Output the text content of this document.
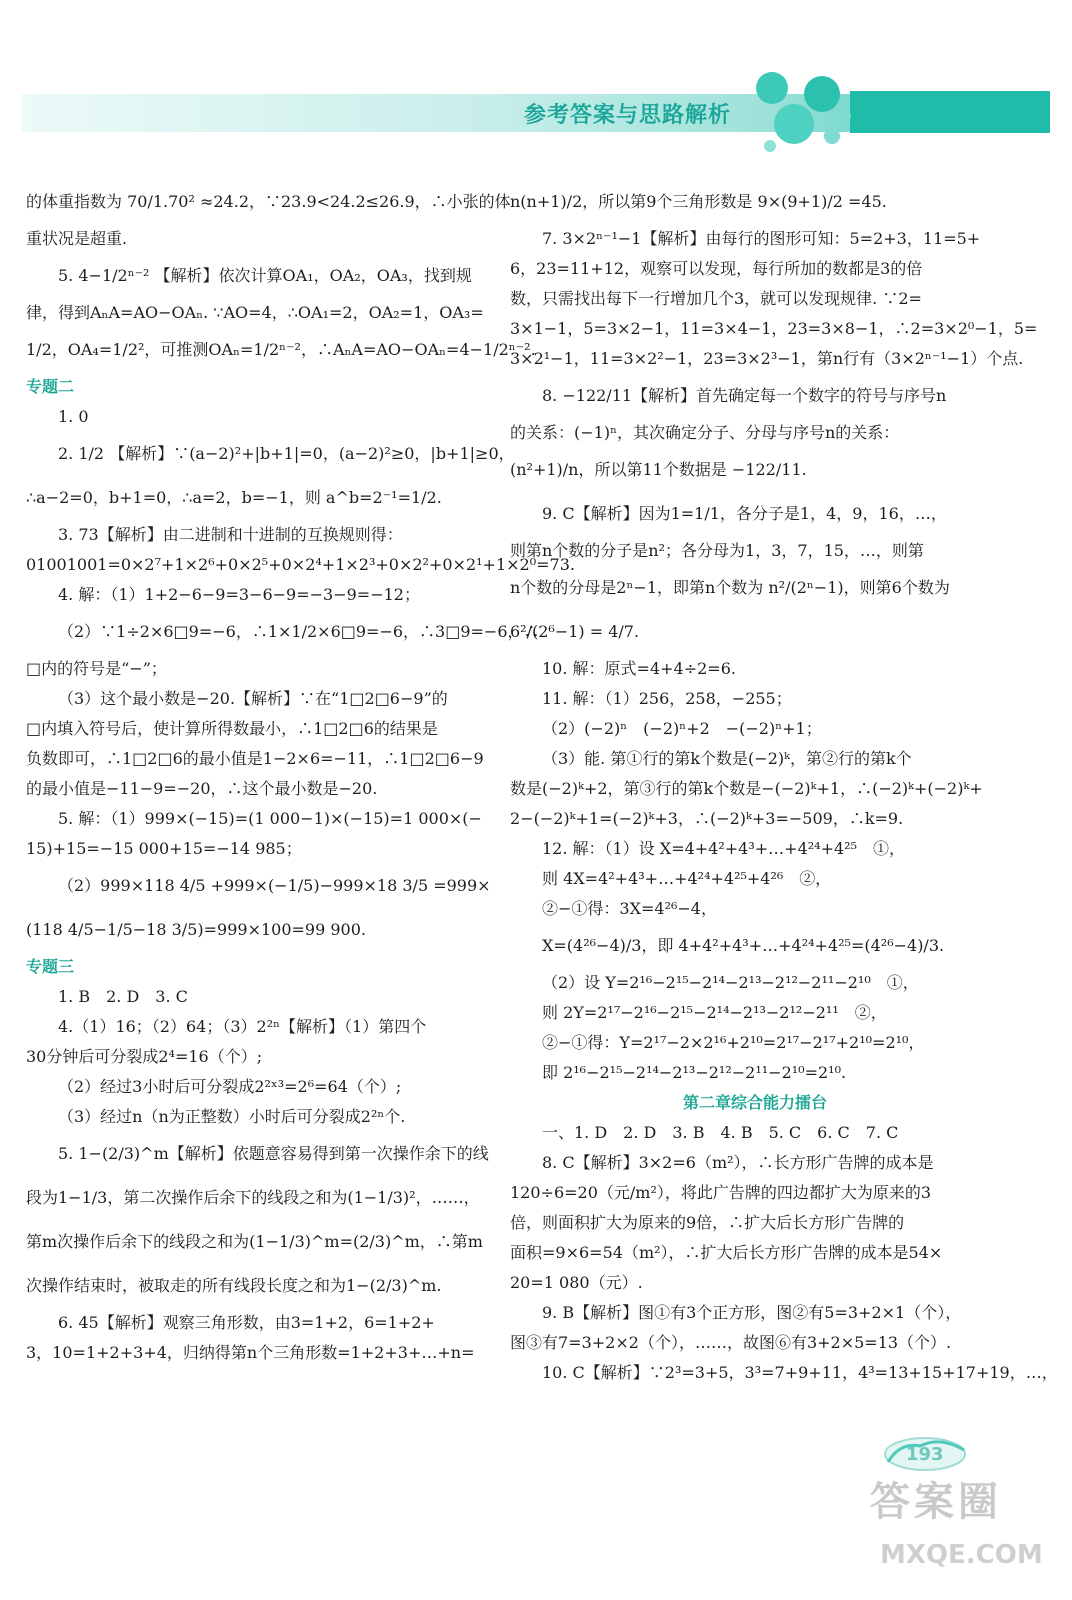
参考答案与思路解析

的体重指数为 70/1.70² ≈24.2，∵23.9<24.2≤26.9，∴小张的体

重状况是超重.

5. 4−1/2ⁿ⁻² 【解析】依次计算OA₁，OA₂，OA₃，找到规

律，得到AₙA=AO−OAₙ. ∵AO=4，∴OA₁=2，OA₂=1，OA₃=

1/2，OA₄=1/2²，可推测OAₙ=1/2ⁿ⁻²，∴AₙA=AO−OAₙ=4−1/2ⁿ⁻².

专题二

1. 0

2. 1/2 【解析】∵(a−2)²+|b+1|=0，(a−2)²≥0，|b+1|≥0，

∴a−2=0，b+1=0，∴a=2，b=−1，则 a^b=2⁻¹=1/2.

3. 73【解析】由二进制和十进制的互换规则得：

01001001=0×2⁷+1×2⁶+0×2⁵+0×2⁴+1×2³+0×2²+0×2¹+1×2⁰=73.

4. 解：（1）1+2−6−9=3−6−9=−3−9=−12；

（2）∵1÷2×6□9=−6，∴1×1/2×6□9=−6，∴3□9=−6，∴

□内的符号是“−”；

（3）这个最小数是−20.【解析】∵在“1□2□6−9”的

□内填入符号后，使计算所得数最小，∴1□2□6的结果是

负数即可，∴1□2□6的最小值是1−2×6=−11，∴1□2□6−9

的最小值是−11−9=−20，∴这个最小数是−20.

5. 解：（1）999×(−15)=(1 000−1)×(−15)=1 000×(−

15)+15=−15 000+15=−14 985；

（2）999×118 4/5 +999×(−1/5)−999×18 3/5 =999×

(118 4/5−1/5−18 3/5)=999×100=99 900.

专题三

1. B　2. D　3. C

4.（1）16；（2）64；（3）2²ⁿ【解析】（1）第四个

30分钟后可分裂成2⁴=16（个）;

（2）经过3小时后可分裂成2²ˣ³=2⁶=64（个）;

（3）经过n（n为正整数）小时后可分裂成2²ⁿ个.

5. 1−(2/3)^m【解析】依题意容易得到第一次操作余下的线

段为1−1/3，第二次操作后余下的线段之和为(1−1/3)²，……，

第m次操作后余下的线段之和为(1−1/3)^m=(2/3)^m，∴第m

次操作结束时，被取走的所有线段长度之和为1−(2/3)^m.

6. 45【解析】观察三角形数，由3=1+2，6=1+2+

3，10=1+2+3+4，归纳得第n个三角形数=1+2+3+…+n=

n(n+1)/2，所以第9个三角形数是 9×(9+1)/2 =45.

7. 3×2ⁿ⁻¹−1【解析】由每行的图形可知：5=2+3，11=5+

6，23=11+12，观察可以发现，每行所加的数都是3的倍

数，只需找出每下一行增加几个3，就可以发现规律. ∵2=

3×1−1，5=3×2−1，11=3×4−1，23=3×8−1，∴2=3×2⁰−1，5=

3×2¹−1，11=3×2²−1，23=3×2³−1，第n行有（3×2ⁿ⁻¹−1）个点.

8. −122/11【解析】首先确定每一个数字的符号与序号n

的关系：(−1)ⁿ，其次确定分子、分母与序号n的关系：

(n²+1)/n，所以第11个数据是 −122/11.

9. C【解析】因为1=1/1，各分子是1，4，9，16，…，

则第n个数的分子是n²；各分母为1，3，7，15，…，则第

n个数的分母是2ⁿ−1，即第n个数为 n²/(2ⁿ−1)，则第6个数为

6²/(2⁶−1) = 4/7.

10. 解：原式=4+4÷2=6.

11. 解：（1）256，258，−255；

（2）(−2)ⁿ　(−2)ⁿ+2　−(−2)ⁿ+1；

（3）能. 第①行的第k个数是(−2)ᵏ，第②行的第k个

数是(−2)ᵏ+2，第③行的第k个数是−(−2)ᵏ+1，∴(−2)ᵏ+(−2)ᵏ+

2−(−2)ᵏ+1=(−2)ᵏ+3，∴(−2)ᵏ+3=−509，∴k=9.

12. 解：（1）设 X=4+4²+4³+…+4²⁴+4²⁵　①，

则 4X=4²+4³+…+4²⁴+4²⁵+4²⁶　②，

②−①得：3X=4²⁶−4，

X=(4²⁶−4)/3，即 4+4²+4³+…+4²⁴+4²⁵=(4²⁶−4)/3.

（2）设 Y=2¹⁶−2¹⁵−2¹⁴−2¹³−2¹²−2¹¹−2¹⁰　①，

则 2Y=2¹⁷−2¹⁶−2¹⁵−2¹⁴−2¹³−2¹²−2¹¹　②，

②−①得：Y=2¹⁷−2×2¹⁶+2¹⁰=2¹⁷−2¹⁷+2¹⁰=2¹⁰，

即 2¹⁶−2¹⁵−2¹⁴−2¹³−2¹²−2¹¹−2¹⁰=2¹⁰.

第二章综合能力擂台

一、1. D　2. D　3. B　4. B　5. C　6. C　7. C

8. C【解析】3×2=6（m²），∴长方形广告牌的成本是

120÷6=20（元/m²），将此广告牌的四边都扩大为原来的3

倍，则面积扩大为原来的9倍，∴扩大后长方形广告牌的

面积=9×6=54（m²），∴扩大后长方形广告牌的成本是54×

20=1 080（元）.

9. B【解析】图①有3个正方形，图②有5=3+2×1（个），

图③有7=3+2×2（个），……，故图⑥有3+2×5=13（个）.

10. C【解析】∵2³=3+5，3³=7+9+11，4³=13+15+17+19，…，

193
答案圈
MXQE.COM
